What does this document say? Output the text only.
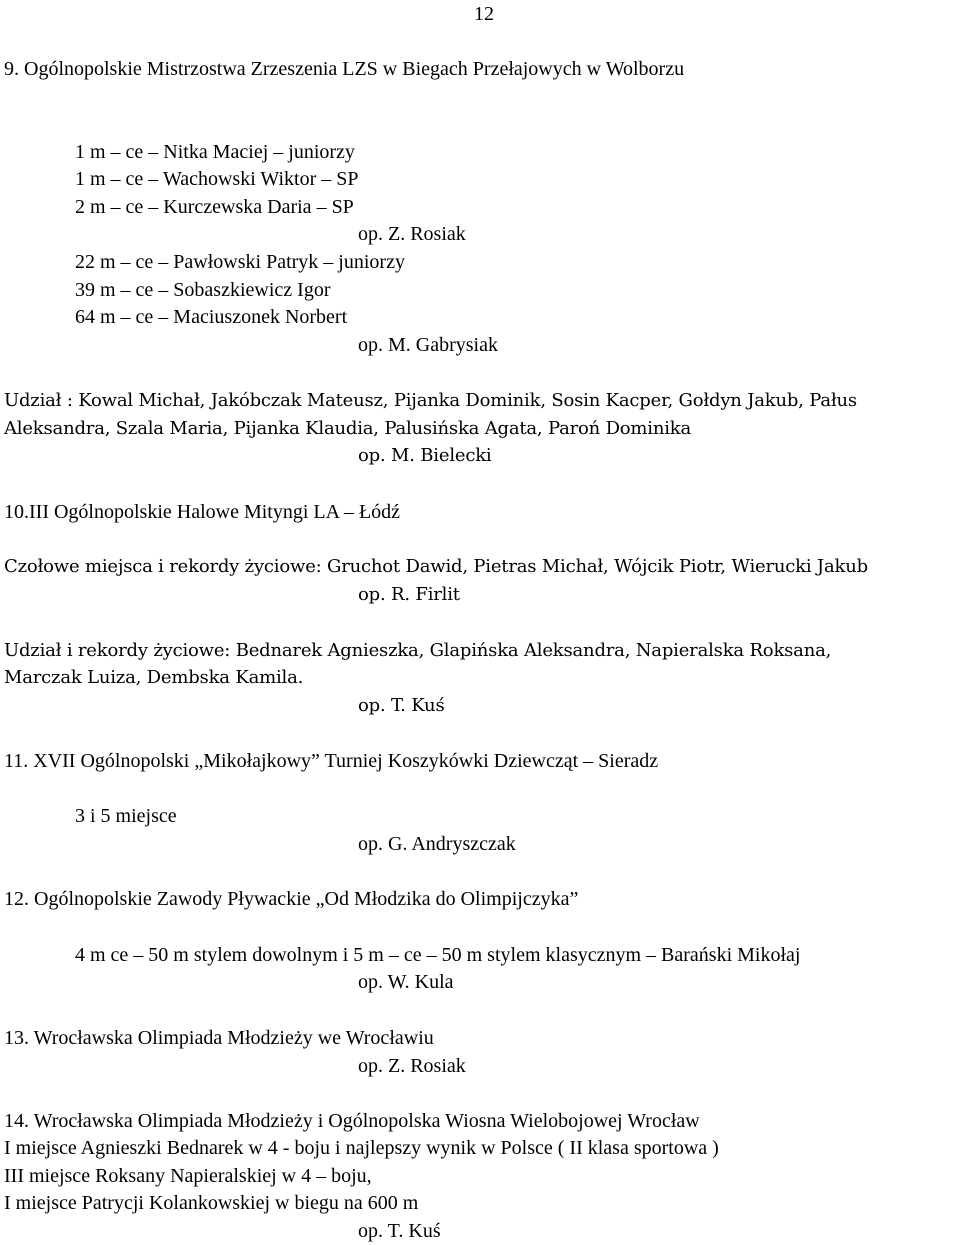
12

9. Ogólnopolskie Mistrzostwa Zrzeszenia LZS w Biegach Przełajowych w Wolborzu

1 m – ce – Nitka Maciej – juniorzy

1 m – ce – Wachowski Wiktor – SP

2 m – ce – Kurczewska Daria – SP

op. Z. Rosiak

22 m – ce – Pawłowski Patryk – juniorzy

39 m – ce – Sobaszkiewicz Igor

64 m – ce – Maciuszonek Norbert

op. M. Gabrysiak

Udział : Kowal Michał, Jakóbczak Mateusz, Pijanka Dominik, Sosin Kacper, Gołdyn Jakub, Pałus

Aleksandra, Szala Maria, Pijanka Klaudia, Palusińska Agata, Paroń Dominika

op. M. Bielecki

10.III Ogólnopolskie Halowe Mityngi LA – Łódź

Czołowe miejsca i rekordy życiowe: Gruchot Dawid, Pietras Michał, Wójcik Piotr, Wierucki Jakub

op. R. Firlit

Udział i rekordy życiowe: Bednarek Agnieszka, Glapińska Aleksandra, Napieralska Roksana,

Marczak Luiza, Dembska Kamila.

op. T. Kuś

11. XVII Ogólnopolski „Mikołajkowy” Turniej Koszykówki Dziewcząt – Sieradz

3 i 5 miejsce

op. G. Andryszczak

12. Ogólnopolskie Zawody Pływackie „Od Młodzika do Olimpijczyka”

4 m ce – 50 m stylem dowolnym i 5 m – ce – 50 m stylem klasycznym – Barański Mikołaj

op. W. Kula

13. Wrocławska Olimpiada Młodzieży we Wrocławiu

op. Z. Rosiak

14. Wrocławska Olimpiada Młodzieży i Ogólnopolska Wiosna Wielobojowej Wrocław

I miejsce Agnieszki Bednarek w 4 - boju i najlepszy wynik w Polsce ( II klasa sportowa )

III miejsce Roksany Napieralskiej w 4 – boju,

I miejsce Patrycji Kolankowskiej w biegu na 600 m

op. T. Kuś
